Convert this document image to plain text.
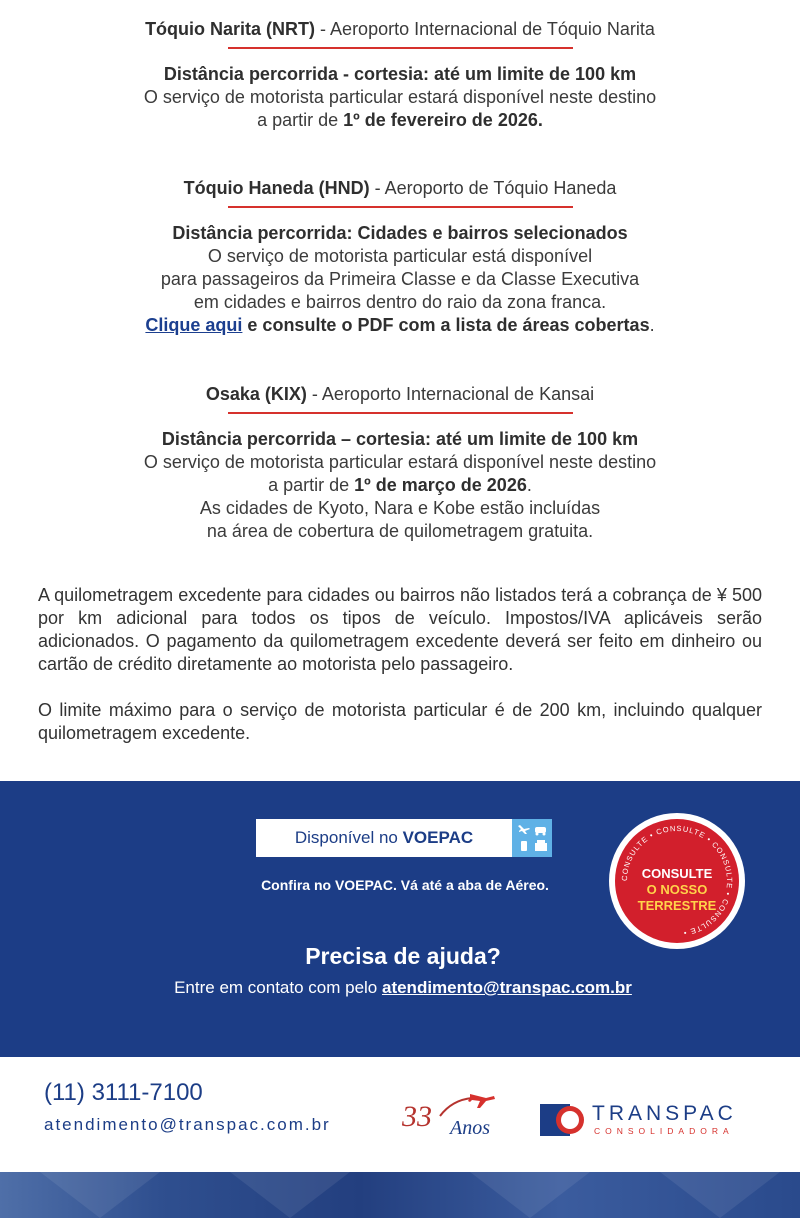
Tóquio Narita (NRT) - Aeroporto Internacional de Tóquio Narita
Distância percorrida - cortesia: até um limite de 100 km
O serviço de motorista particular estará disponível neste destino
a partir de 1º de fevereiro de 2026.
Tóquio Haneda (HND) - Aeroporto de Tóquio Haneda
Distância percorrida: Cidades e bairros selecionados
O serviço de motorista particular está disponível
para passageiros da Primeira Classe e da Classe Executiva
em cidades e bairros dentro do raio da zona franca.
Clique aqui e consulte o PDF com a lista de áreas cobertas.
Osaka (KIX) - Aeroporto Internacional de Kansai
Distância percorrida – cortesia: até um limite de 100 km
O serviço de motorista particular estará disponível neste destino
a partir de 1º de março de 2026.
As cidades de Kyoto, Nara e Kobe estão incluídas
na área de cobertura de quilometragem gratuita.
A quilometragem excedente para cidades ou bairros não listados terá a cobrança de ¥ 500 por km adicional para todos os tipos de veículo. Impostos/IVA aplicáveis serão adicionados. O pagamento da quilometragem excedente deverá ser feito em dinheiro ou cartão de crédito diretamente ao motorista pelo passageiro.
O limite máximo para o serviço de motorista particular é de 200 km, incluindo qualquer quilometragem excedente.
Disponível no VOEPAC
Confira no VOEPAC. Vá até a aba de Aéreo.
Precisa de ajuda?
Entre em contato com pelo atendimento@transpac.com.br
CONSULTE • CONSULTE • CONSULTE • CONSULTE •
CONSULTE
O NOSSO
TERRESTRE
(11) 3111-7100
atendimento@transpac.com.br 33 Anos
TRANSPAC
CONSOLIDADORA
